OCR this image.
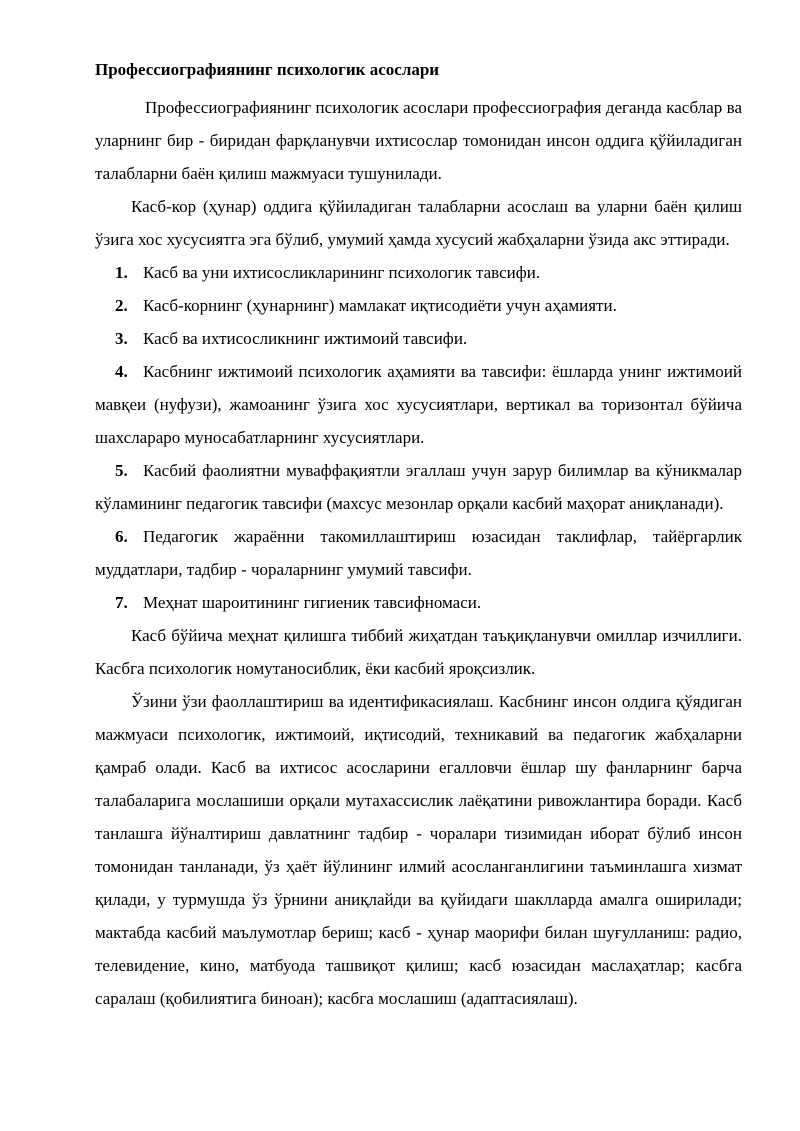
Профессиографиянинг психологик асослари

Профессиографиянинг психологик асослари профессиография деганда касблар ва уларнинг бир - биридан фарқланувчи ихтисослар томонидан инсон оддига қўйиладиган талабларни баён қилиш мажмуаси тушунилади.

Касб-кор (ҳунар) оддига қўйиладиган талабларни асослаш ва уларни баён қилиш ўзига хос хусусиятга эга бўлиб, умумий ҳамда хусусий жабҳаларни ўзида акс эттиради.

1. Касб ва уни ихтисосликларининг психологик тавсифи.
2. Касб-корнинг (ҳунарнинг) мамлакат иқтисодиёти учун аҳамияти.
3. Касб ва ихтисосликнинг ижтимоий тавсифи.
4. Касбнинг ижтимоий психологик аҳамияти ва тавсифи: ёшларда унинг ижтимоий мавқеи (нуфузи), жамоанинг ўзига хос хусусиятлари, вертикал ва торизонтал бўйича шахслараро муносабатларнинг хусусиятлари.
5. Касбий фаолиятни муваффақиятли эгаллаш учун зарур билимлар ва кўникмалар кўламининг педагогик тавсифи (махсус мезонлар орқали касбий маҳорат аниқланади).
6. Педагогик жараённи такомиллаштириш юзасидан таклифлар, тайёргарлик муддатлари, тадбир - чораларнинг умумий тавсифи.
7. Меҳнат шароитининг гигиеник тавсифномаси.

Касб бўйича меҳнат қилишга тиббий жиҳатдан таъқиқланувчи омиллар изчиллиги. Касбга психологик номутаносиблик, ёки касбий яроқсизлик.

Ўзини ўзи фаоллаштириш ва идентификасиялаш. Касбнинг инсон олдига қўядиган мажмуаси психологик, ижтимоий, иқтисодий, техникавий ва педагогик жабҳаларни қамраб олади. Касб ва ихтисос асосларини егалловчи ёшлар шу фанларнинг барча талабаларига мослашиши орқали мутахассислик лаёқатини ривожлантира боради. Касб танлашга йўналтириш давлатнинг тадбир - чоралари тизимидан иборат бўлиб инсон томонидан танланади, ўз ҳаёт йўлининг илмий асосланганлигини таъминлашга хизмат қилади, у турмушда ўз ўрнини аниқлайди ва қуйидаги шаклларда амалга оширилади; мактабда касбий маълумотлар бериш; касб - ҳунар маорифи билан шуғулланиш: радио, телевидение, кино, матбуода ташвиқот қилиш; касб юзасидан маслаҳатлар; касбга саралаш (қобилиятига биноан); касбга мослашиш (адаптасиялаш).
